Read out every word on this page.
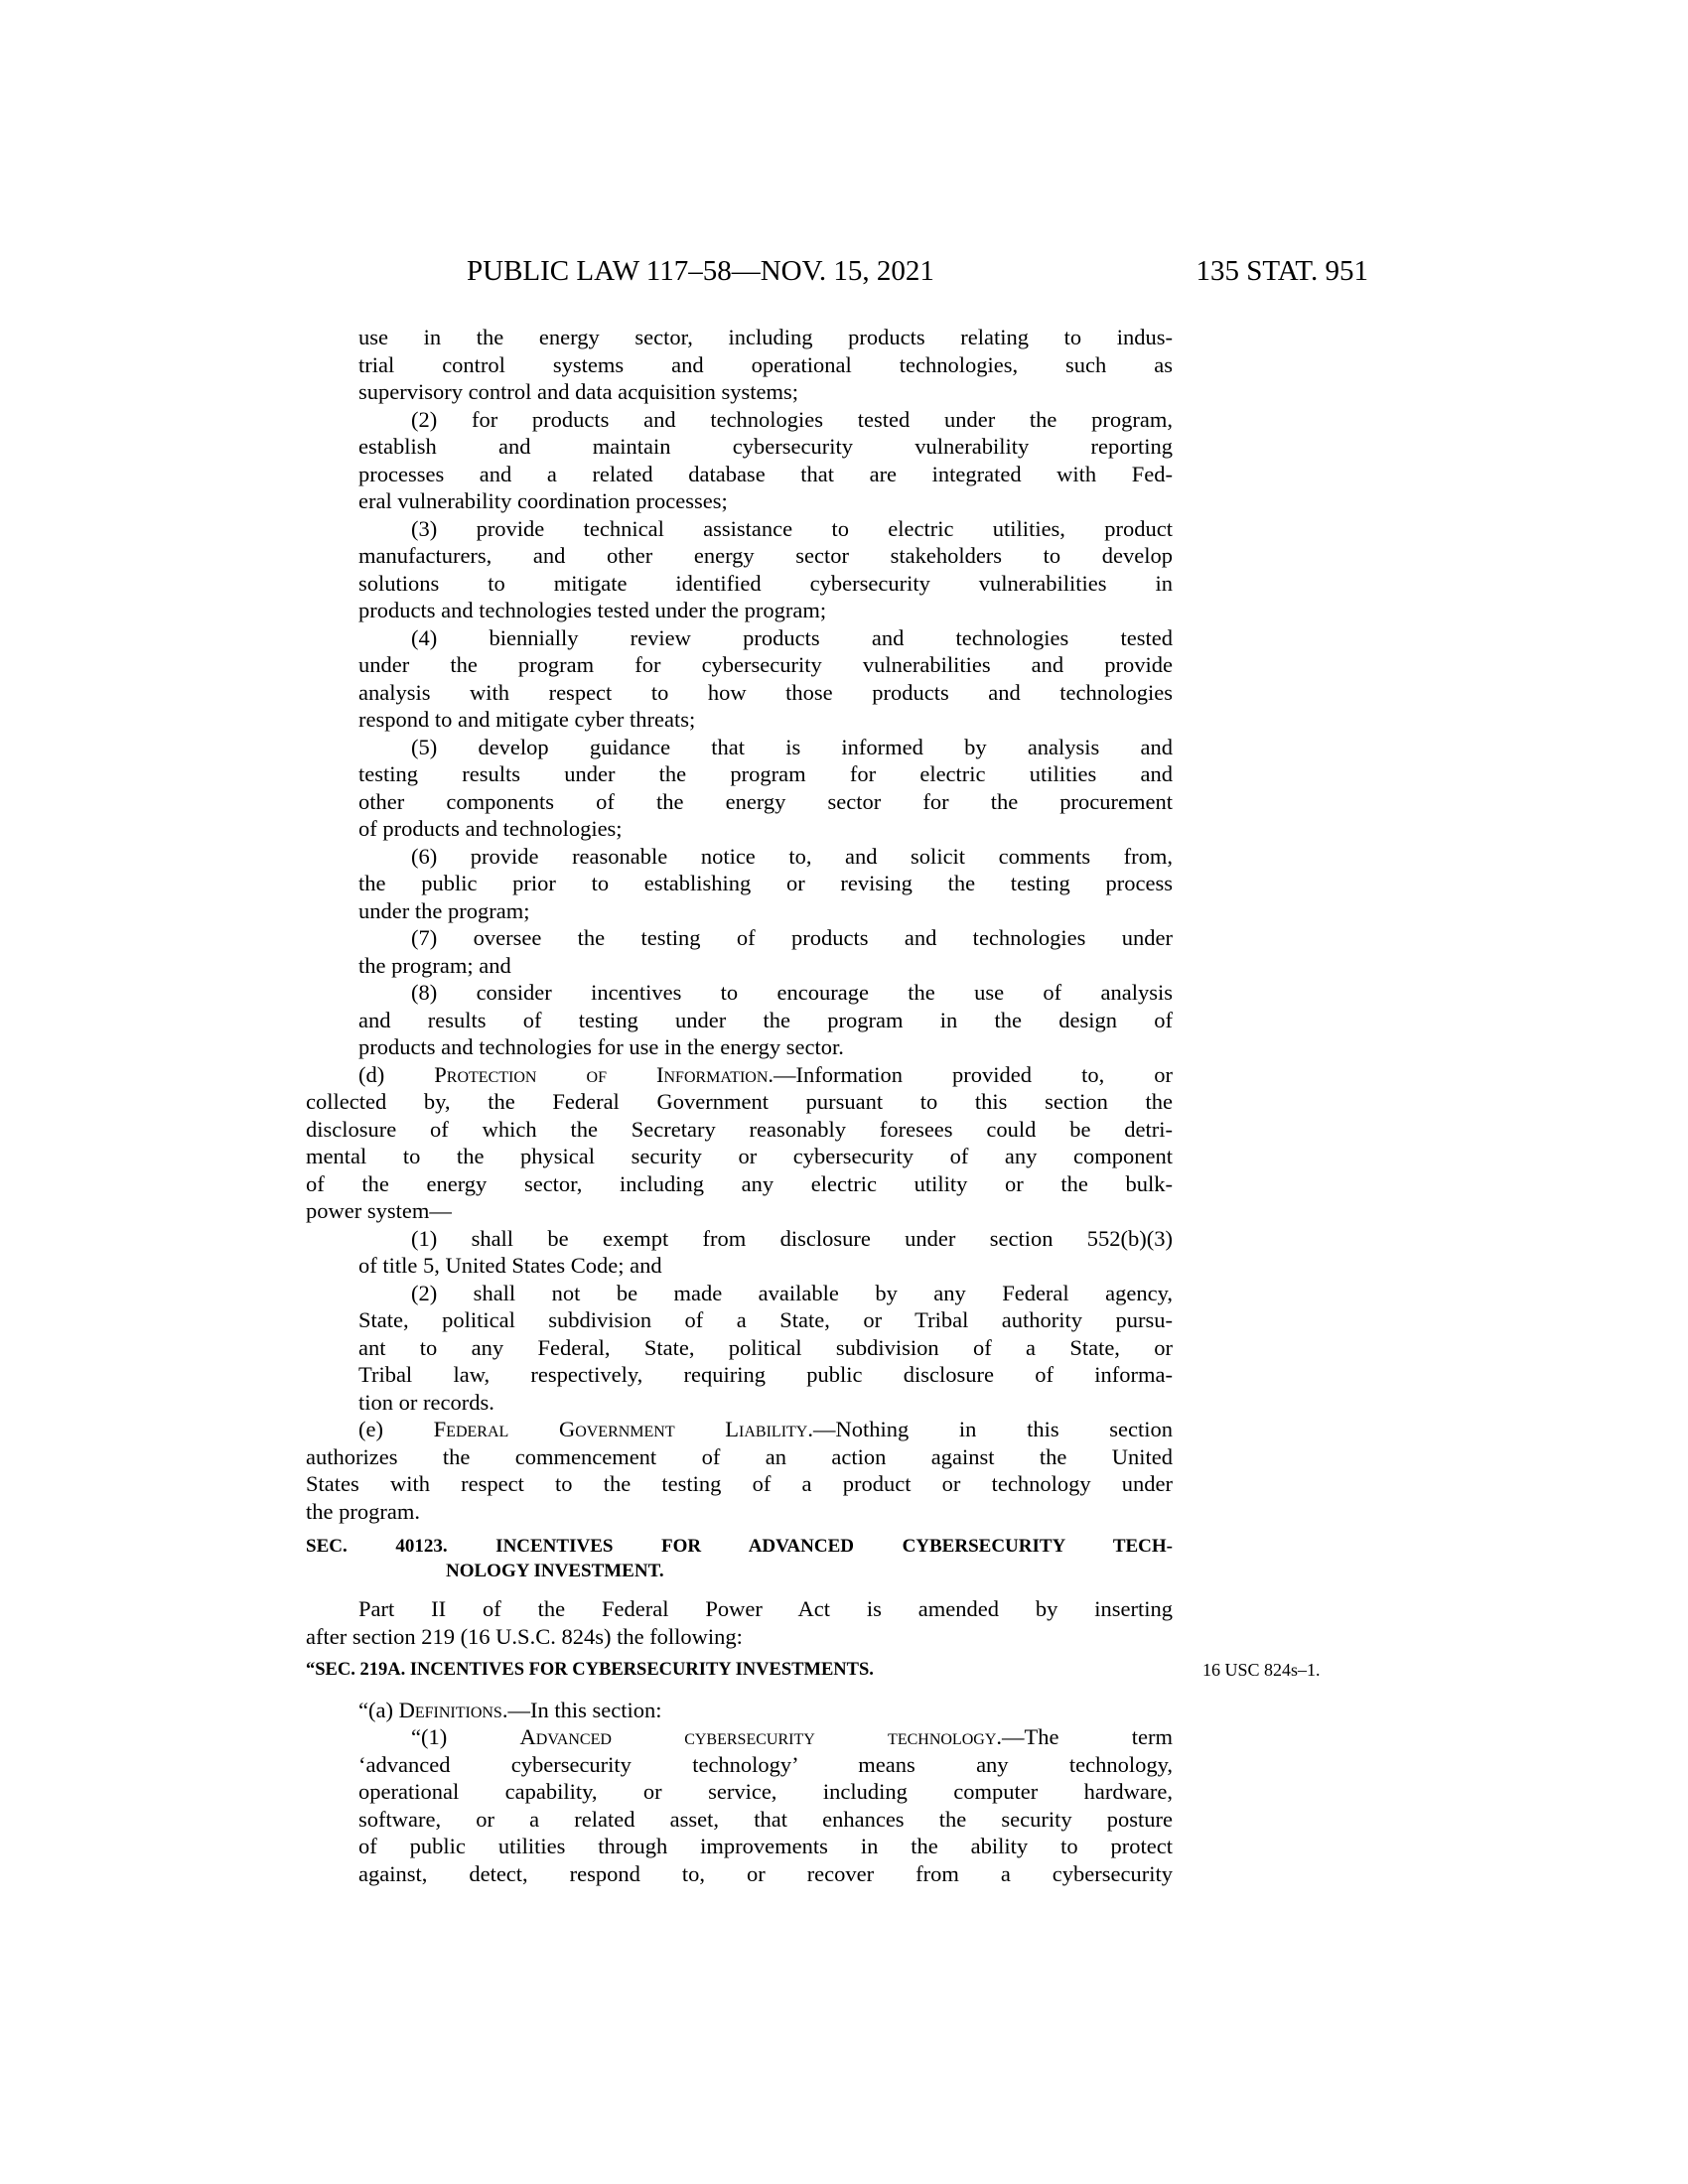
PUBLIC LAW 117–58—NOV. 15, 2021	135 STAT. 951
use in the energy sector, including products relating to indus-
trial control systems and operational technologies, such as
supervisory control and data acquisition systems;
(2) for products and technologies tested under the program,
establish and maintain cybersecurity vulnerability reporting
processes and a related database that are integrated with Fed-
eral vulnerability coordination processes;
(3) provide technical assistance to electric utilities, product
manufacturers, and other energy sector stakeholders to develop
solutions to mitigate identified cybersecurity vulnerabilities in
products and technologies tested under the program;
(4) biennially review products and technologies tested
under the program for cybersecurity vulnerabilities and provide
analysis with respect to how those products and technologies
respond to and mitigate cyber threats;
(5) develop guidance that is informed by analysis and
testing results under the program for electric utilities and
other components of the energy sector for the procurement
of products and technologies;
(6) provide reasonable notice to, and solicit comments from,
the public prior to establishing or revising the testing process
under the program;
(7) oversee the testing of products and technologies under
the program; and
(8) consider incentives to encourage the use of analysis
and results of testing under the program in the design of
products and technologies for use in the energy sector.
(d) Protection of Information.—Information provided to, or
collected by, the Federal Government pursuant to this section the
disclosure of which the Secretary reasonably foresees could be detri-
mental to the physical security or cybersecurity of any component
of the energy sector, including any electric utility or the bulk-
power system—
(1) shall be exempt from disclosure under section 552(b)(3)
of title 5, United States Code; and
(2) shall not be made available by any Federal agency,
State, political subdivision of a State, or Tribal authority pursu-
ant to any Federal, State, political subdivision of a State, or
Tribal law, respectively, requiring public disclosure of informa-
tion or records.
(e) Federal Government Liability.—Nothing in this section
authorizes the commencement of an action against the United
States with respect to the testing of a product or technology under
the program.
SEC. 40123. INCENTIVES FOR ADVANCED CYBERSECURITY TECH-
NOLOGY INVESTMENT.
Part II of the Federal Power Act is amended by inserting
after section 219 (16 U.S.C. 824s) the following:
“SEC. 219A. INCENTIVES FOR CYBERSECURITY INVESTMENTS.	16 USC 824s–1.
“(a) Definitions.—In this section:
“(1) Advanced cybersecurity technology.—The term
‘advanced cybersecurity technology’ means any technology,
operational capability, or service, including computer hardware,
software, or a related asset, that enhances the security posture
of public utilities through improvements in the ability to protect
against, detect, respond to, or recover from a cybersecurity
